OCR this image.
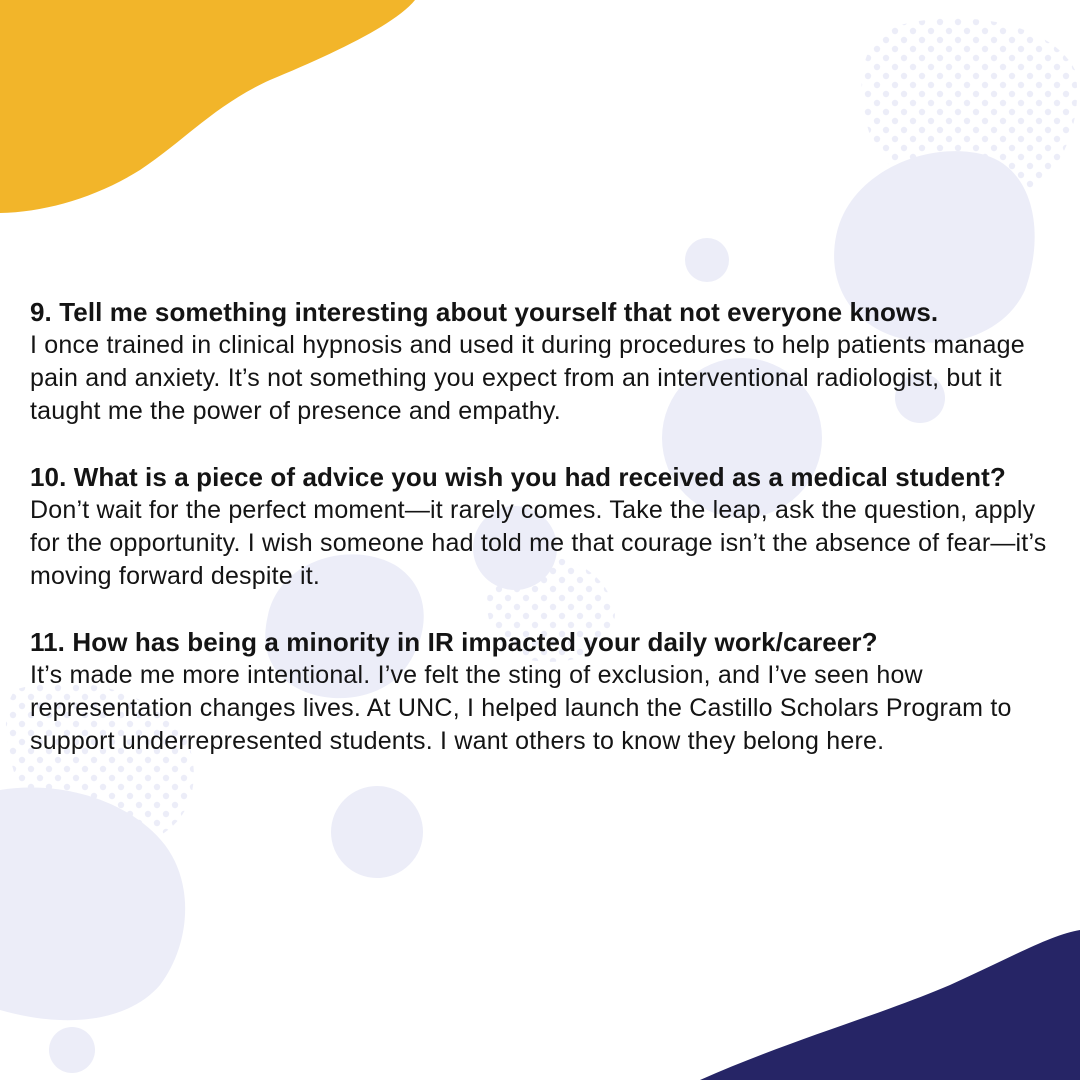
9. Tell me something interesting about yourself that not everyone knows.

I once trained in clinical hypnosis and used it during procedures to help patients manage pain and anxiety. It’s not something you expect from an interventional radiologist, but it taught me the power of presence and empathy.

10. What is a piece of advice you wish you had received as a medical student?

Don’t wait for the perfect moment—it rarely comes. Take the leap, ask the question, apply for the opportunity. I wish someone had told me that courage isn’t the absence of fear—it’s moving forward despite it.

11. How has being a minority in IR impacted your daily work/career?

It’s made me more intentional. I’ve felt the sting of exclusion, and I’ve seen how representation changes lives. At UNC, I helped launch the Castillo Scholars Program to support underrepresented students. I want others to know they belong here.
